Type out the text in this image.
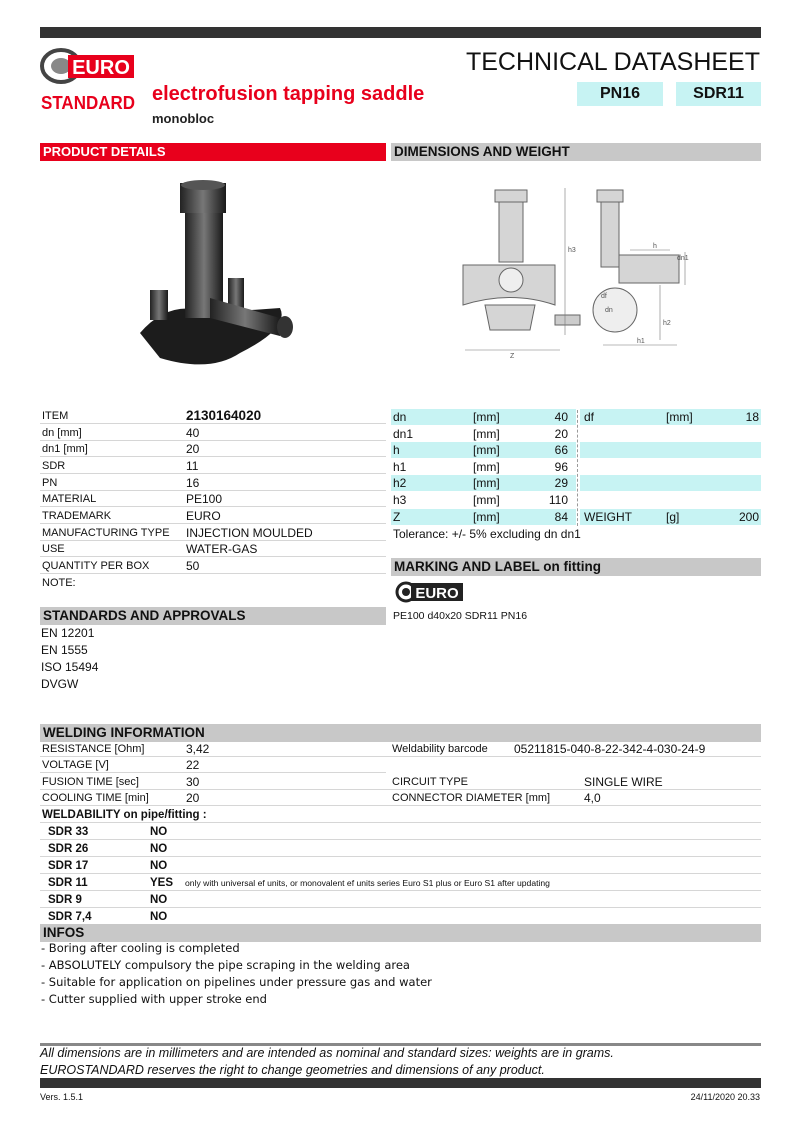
EURO
STANDARD
TECHNICAL DATASHEET
electrofusion tapping saddle
monobloc
PN16	SDR11
PRODUCT DETAILS	DIMENSIONS AND WEIGHT
Z
h3
h
dn1
df
dn
h2
h1
ITEM	2130164020
dn [mm]	40
dn1 [mm]	20
SDR	11
PN	16
MATERIAL	PE100
TRADEMARK	EURO
MANUFACTURING TYPE INJECTION MOULDED
USE	WATER-GAS
QUANTITY PER BOX	50
NOTE:
dn	[mm]	40 df	[mm]	18
dn1	[mm]	20
h	[mm]	66
h1	[mm]	96
h2	[mm]	29
h3	[mm]	110
Z	[mm]	84 WEIGHT	[g]	200
Tolerance: +/- 5% excluding dn dn1
MARKING AND LABEL on fitting
EURO
PE100 d40x20 SDR11 PN16
STANDARDS AND APPROVALS
EN 12201
EN 1555
ISO 15494
DVGW
WELDING INFORMATION
RESISTANCE [Ohm]	3,42	Weldability barcode 05211815-040-8-22-342-4-030-24-9
VOLTAGE [V]	22
FUSION TIME [sec]	30	CIRCUIT TYPE	SINGLE WIRE
COOLING TIME [min]	20	CONNECTOR DIAMETER [mm]	4,0
WELDABILITY on pipe/fitting :
SDR 33	NO
SDR 26	NO
SDR 17	NO
SDR 11	YES only with universal ef units, or monovalent ef units series Euro S1 plus or Euro S1 after updating
SDR 9	NO
SDR 7,4	NO
INFOS
- Boring after cooling is completed
- ABSOLUTELY compulsory the pipe scraping in the welding area
- Suitable for application on pipelines under pressure gas and water
- Cutter supplied with upper stroke end
All dimensions are in millimeters and are intended as nominal and standard sizes: weights are in grams.
EUROSTANDARD reserves the right to change geometries and dimensions of any product.
Vers. 1.5.1	24/11/2020 20.33
